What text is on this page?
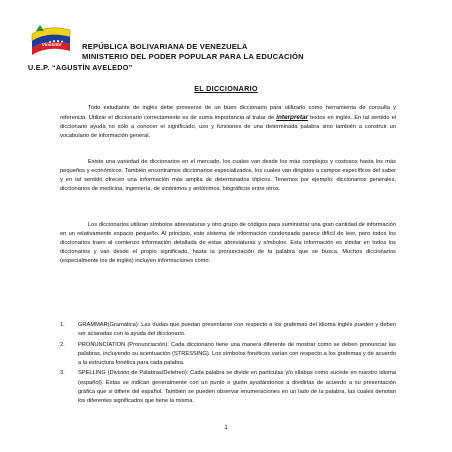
Vinotinto	REPÚBLICA BOLIVARIANA DE VENEZUELA
MINISTERIO DEL PODER POPULAR PARA LA EDUCACIÓN
U.E.P. “AGUSTÍN AVELEDO”
EL DICCIONARIO

Todo estudiante de inglés debe proveerse de un buen diccionario para utilizarlo como herramienta de consulta y referencia. Utilizar el diccionario correctamente es de suma importancia al tratar de interpretar textos en inglés. En tal sentido el diccionario ayuda no sólo a conocer el significado, uso y funciones de una determinada palabra sino también a construir un vocabulario de información general.

Existe una variedad de diccionarios en el mercado, los cuales van desde los más complejos y costosos hasta los más pequeños y económicos. También encontramos diccionarios especializados, los cuales van dirigidos a campos específicos del saber y en tal sentido ofrecen una información más amplia de determinados tópicos. Tenemos por ejemplo: diccionarios generales, diccionarios de medicina, ingeniería, de sinónimos y antónimos, biográficos entre otros.

Los diccionarios utilizan símbolos abreviaturas y otro grupo de códigos para suministrar una gran cantidad de información en un relativamente espacio pequeño. Al principio, este sistema de información condensada parece difícil de leer, pero todos los diccionarios traen al comienzo información detallada de estas abreviaturas y símbolos. Esta información es similar en todos los diccionarios y van desde el propio significado, hasta la pronunciación de la palabra que se busca. Muchos diccionarios (especialmente los de inglés) incluyen informaciones como:

1. GRAMMAR(Gramática): Las dudas que puedan presentarse con respecto a los grafemas del idioma inglés pueden y deben ser aclaradas con la ayuda del diccionario.
2. PRONUNCIATION (Pronunciación): Cada diccionario tiene una manera diferente de mostrar como se deben pronunciar las palabras, incluyendo su acentuación (STRESSING). Los símbolos fonéticos varían con respecto a los grafemas y de acuerdo a la estructura fonética para cada palabra.
3. SPELLING (División de Palabras/Deletreo): Cada palabra se divide en partículas y/o sílabas como sucede en nuestro idioma (español). Éstas se indican generalmente con un punto o guión ayudándonos a dividirlas de acuerdo a su presentación gráfica que si difiere del español. También se pueden observar enumeraciones en un lado de la palabra, las cuales denotan los diferentes significados que tiene la misma.
1
